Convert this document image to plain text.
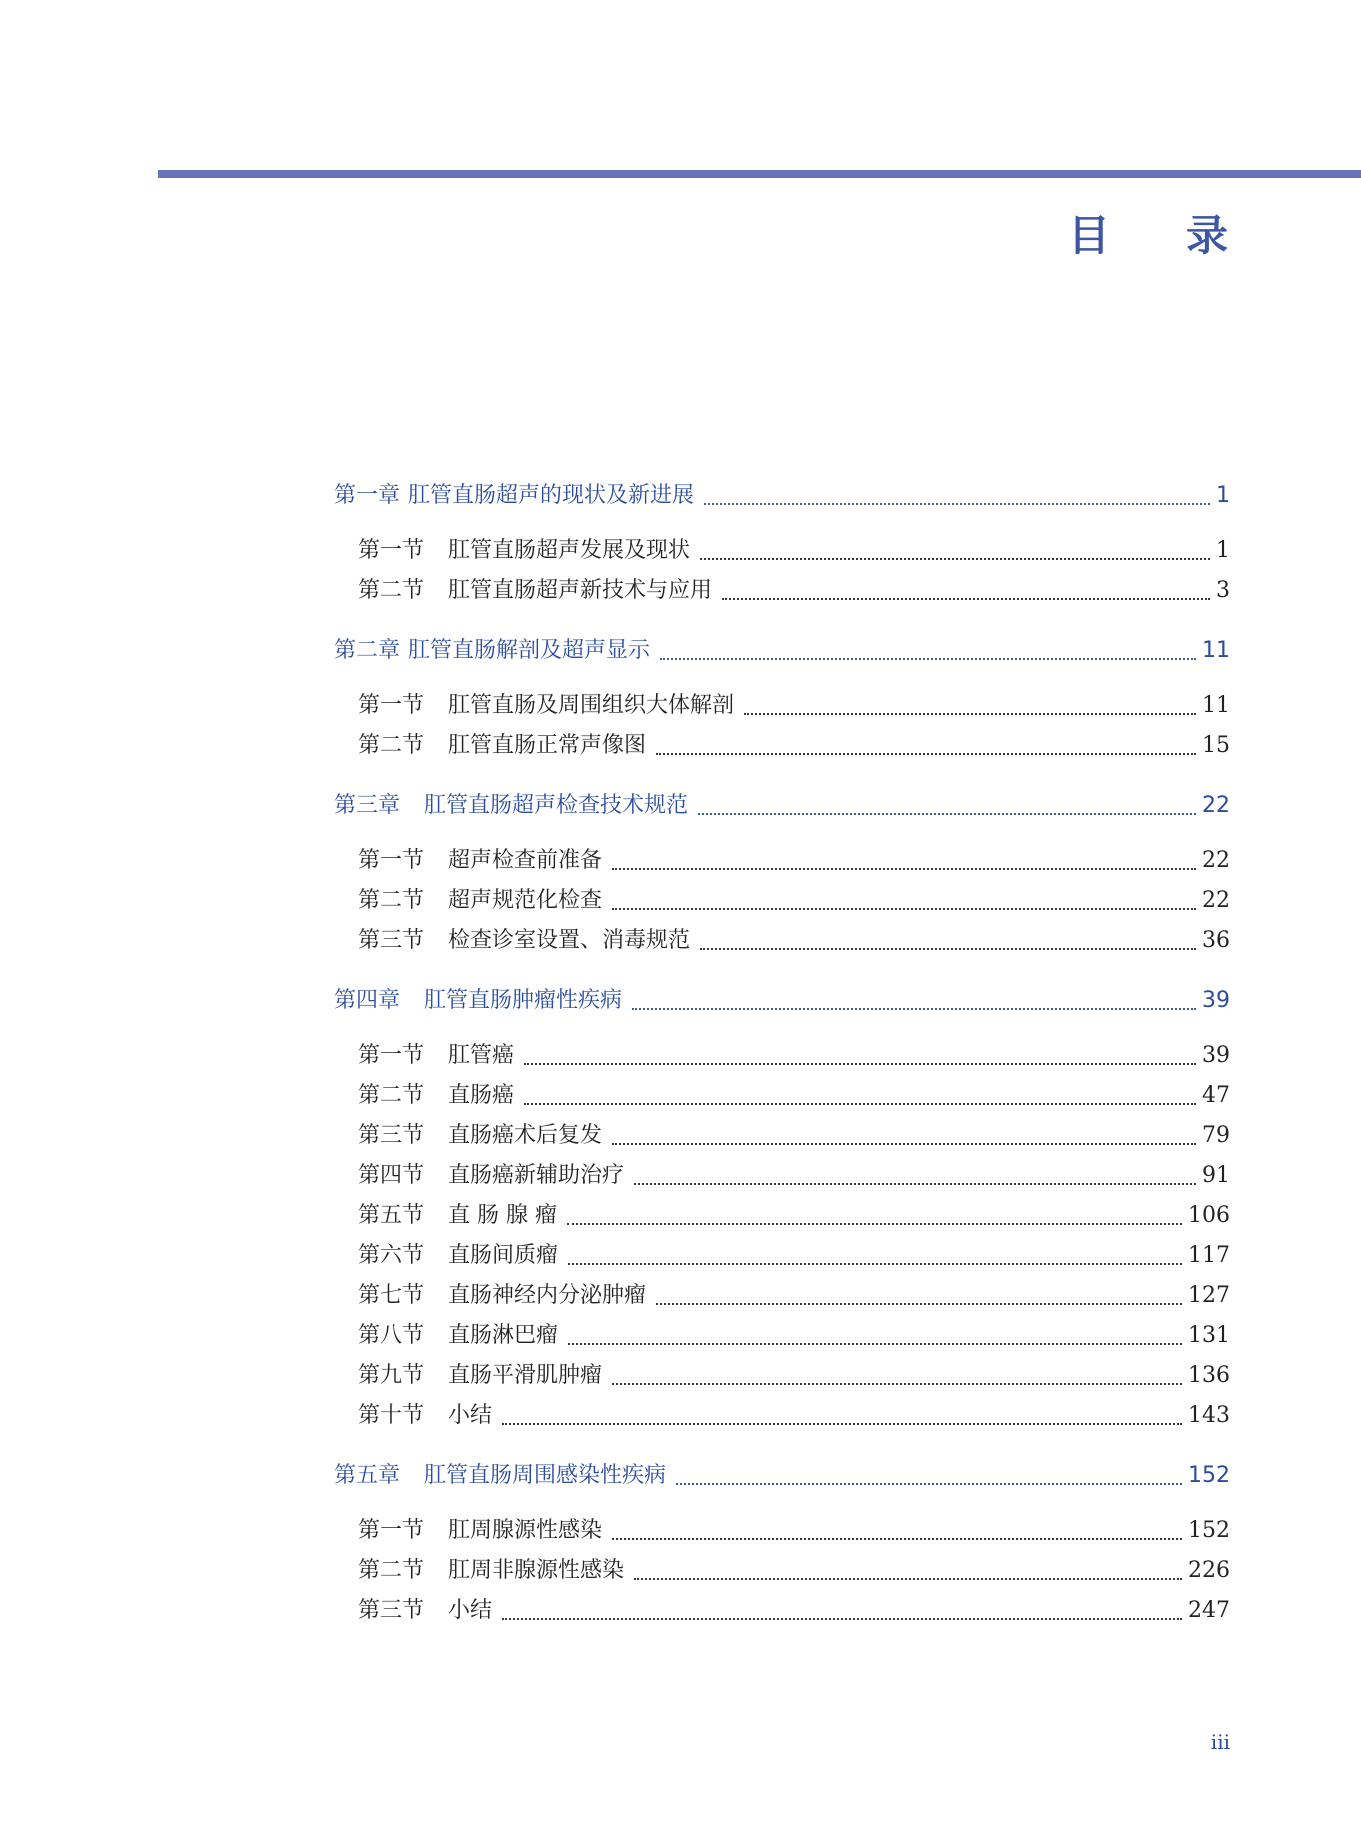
目 录
第一章 肛管直肠超声的现状及新进展	1
第一节 肛管直肠超声发展及现状	1
第二节 肛管直肠超声新技术与应用	3
第二章 肛管直肠解剖及超声显示	11
第一节 肛管直肠及周围组织大体解剖	11
第二节 肛管直肠正常声像图	15
第三章 肛管直肠超声检查技术规范	22
第一节 超声检查前准备	22
第二节 超声规范化检查	22
第三节 检查诊室设置、消毒规范	36
第四章 肛管直肠肿瘤性疾病	39
第一节 肛管癌	39
第二节 直肠癌	47
第三节 直肠癌术后复发	79
第四节 直肠癌新辅助治疗	91
第五节 直 肠 腺 瘤	106
第六节 直肠间质瘤	117
第七节 直肠神经内分泌肿瘤	127
第八节 直肠淋巴瘤	131
第九节 直肠平滑肌肿瘤	136
第十节 小结	143
第五章 肛管直肠周围感染性疾病	152
第一节 肛周腺源性感染	152
第二节 肛周非腺源性感染	226
第三节 小结	247
iii
